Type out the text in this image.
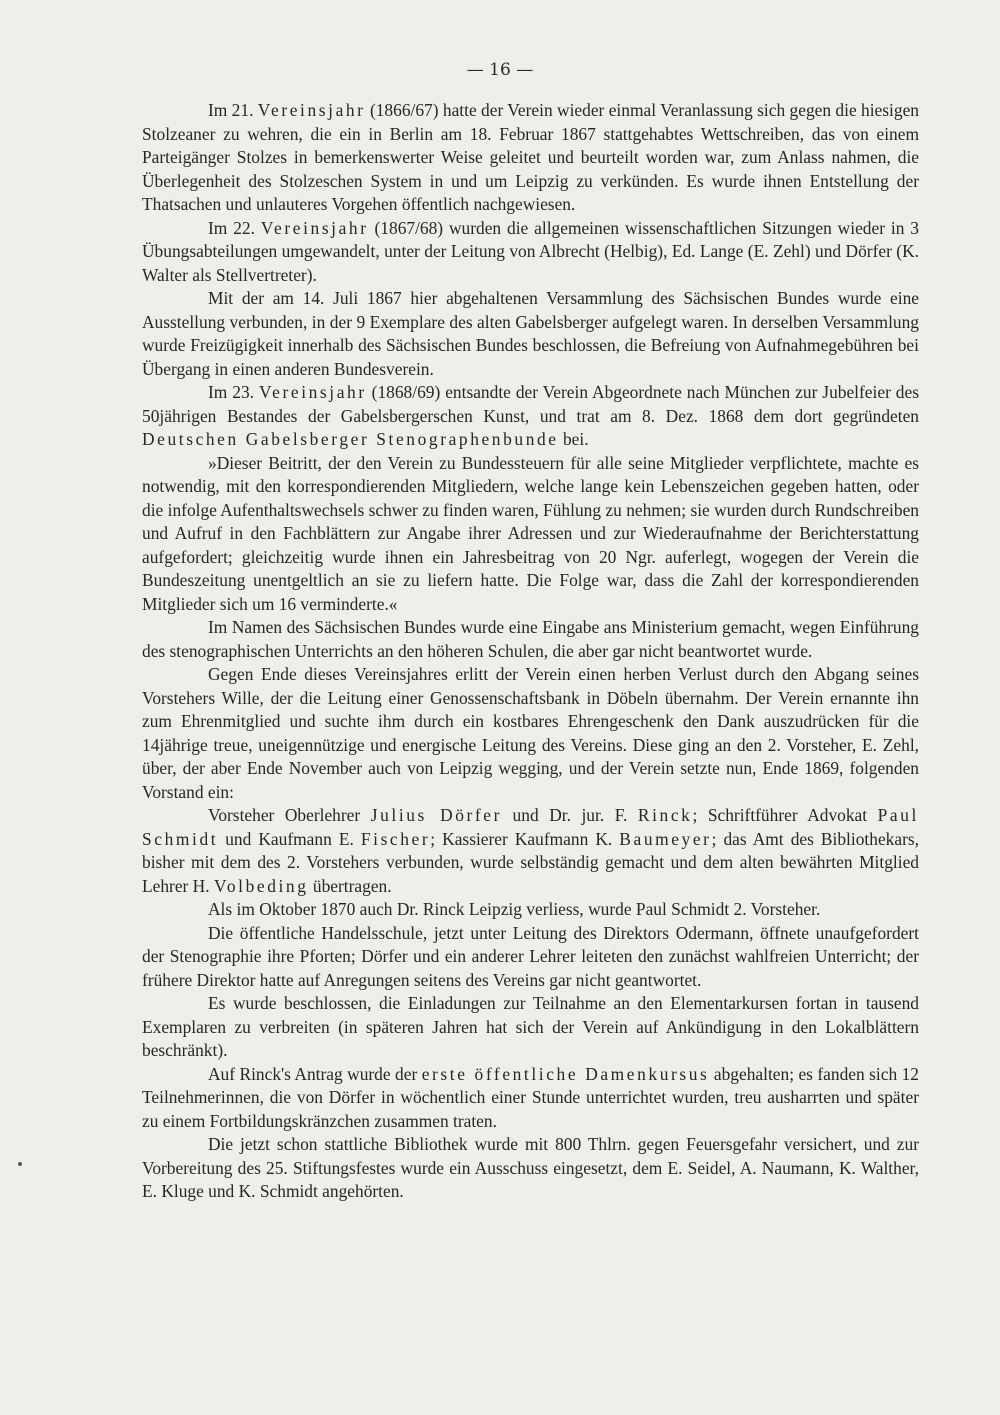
— 16 —

Im 21. Vereinsjahr (1866/67) hatte der Verein wieder einmal Veranlassung sich gegen die hiesigen Stolzeaner zu wehren, die ein in Berlin am 18. Februar 1867 stattgehabtes Wettschreiben, das von einem Parteigänger Stolzes in bemerkenswerter Weise geleitet und beurteilt worden war, zum Anlass nahmen, die Überlegenheit des Stolzeschen System in und um Leipzig zu verkünden. Es wurde ihnen Entstellung der Thatsachen und unlauteres Vorgehen öffentlich nachgewiesen.

Im 22. Vereinsjahr (1867/68) wurden die allgemeinen wissenschaftlichen Sitzungen wieder in 3 Übungsabteilungen umgewandelt, unter der Leitung von Albrecht (Helbig), Ed. Lange (E. Zehl) und Dörfer (K. Walter als Stellvertreter).

Mit der am 14. Juli 1867 hier abgehaltenen Versammlung des Sächsischen Bundes wurde eine Ausstellung verbunden, in der 9 Exemplare des alten Gabelsberger aufgelegt waren. In derselben Versammlung wurde Freizügigkeit innerhalb des Sächsischen Bundes beschlossen, die Befreiung von Aufnahmegebühren bei Übergang in einen anderen Bundesverein.

Im 23. Vereinsjahr (1868/69) entsandte der Verein Abgeordnete nach München zur Jubelfeier des 50jährigen Bestandes der Gabelsbergerschen Kunst, und trat am 8. Dez. 1868 dem dort gegründeten Deutschen Gabelsberger Stenographenbunde bei.

»Dieser Beitritt, der den Verein zu Bundessteuern für alle seine Mitglieder verpflichtete, machte es notwendig, mit den korrespondierenden Mitgliedern, welche lange kein Lebenszeichen gegeben hatten, oder die infolge Aufenthaltswechsels schwer zu finden waren, Fühlung zu nehmen; sie wurden durch Rundschreiben und Aufruf in den Fachblättern zur Angabe ihrer Adressen und zur Wiederaufnahme der Berichterstattung aufgefordert; gleichzeitig wurde ihnen ein Jahresbeitrag von 20 Ngr. auferlegt, wogegen der Verein die Bundeszeitung unentgeltlich an sie zu liefern hatte. Die Folge war, dass die Zahl der korrespondierenden Mitglieder sich um 16 verminderte.«

Im Namen des Sächsischen Bundes wurde eine Eingabe ans Ministerium gemacht, wegen Einführung des stenographischen Unterrichts an den höheren Schulen, die aber gar nicht beantwortet wurde.

Gegen Ende dieses Vereinsjahres erlitt der Verein einen herben Verlust durch den Abgang seines Vorstehers Wille, der die Leitung einer Genossenschaftsbank in Döbeln übernahm. Der Verein ernannte ihn zum Ehrenmitglied und suchte ihm durch ein kostbares Ehrengeschenk den Dank auszudrücken für die 14jährige treue, uneigennützige und energische Leitung des Vereins. Diese ging an den 2. Vorsteher, E. Zehl, über, der aber Ende November auch von Leipzig wegging, und der Verein setzte nun, Ende 1869, folgenden Vorstand ein:

Vorsteher Oberlehrer Julius Dörfer und Dr. jur. F. Rinck; Schriftführer Advokat Paul Schmidt und Kaufmann E. Fischer; Kassierer Kaufmann K. Baumeyer; das Amt des Bibliothekars, bisher mit dem des 2. Vorstehers verbunden, wurde selbständig gemacht und dem alten bewährten Mitglied Lehrer H. Volbeding übertragen.

Als im Oktober 1870 auch Dr. Rinck Leipzig verliess, wurde Paul Schmidt 2. Vorsteher.

Die öffentliche Handelsschule, jetzt unter Leitung des Direktors Odermann, öffnete unaufgefordert der Stenographie ihre Pforten; Dörfer und ein anderer Lehrer leiteten den zunächst wahlfreien Unterricht; der frühere Direktor hatte auf Anregungen seitens des Vereins gar nicht geantwortet.

Es wurde beschlossen, die Einladungen zur Teilnahme an den Elementarkursen fortan in tausend Exemplaren zu verbreiten (in späteren Jahren hat sich der Verein auf Ankündigung in den Lokalblättern beschränkt).

Auf Rinck's Antrag wurde der erste öffentliche Damenkursus abgehalten; es fanden sich 12 Teilnehmerinnen, die von Dörfer in wöchentlich einer Stunde unterrichtet wurden, treu ausharrten und später zu einem Fortbildungskränzchen zusammen traten.

Die jetzt schon stattliche Bibliothek wurde mit 800 Thlrn. gegen Feuersgefahr versichert, und zur Vorbereitung des 25. Stiftungsfestes wurde ein Ausschuss eingesetzt, dem E. Seidel, A. Naumann, K. Walther, E. Kluge und K. Schmidt angehörten.
